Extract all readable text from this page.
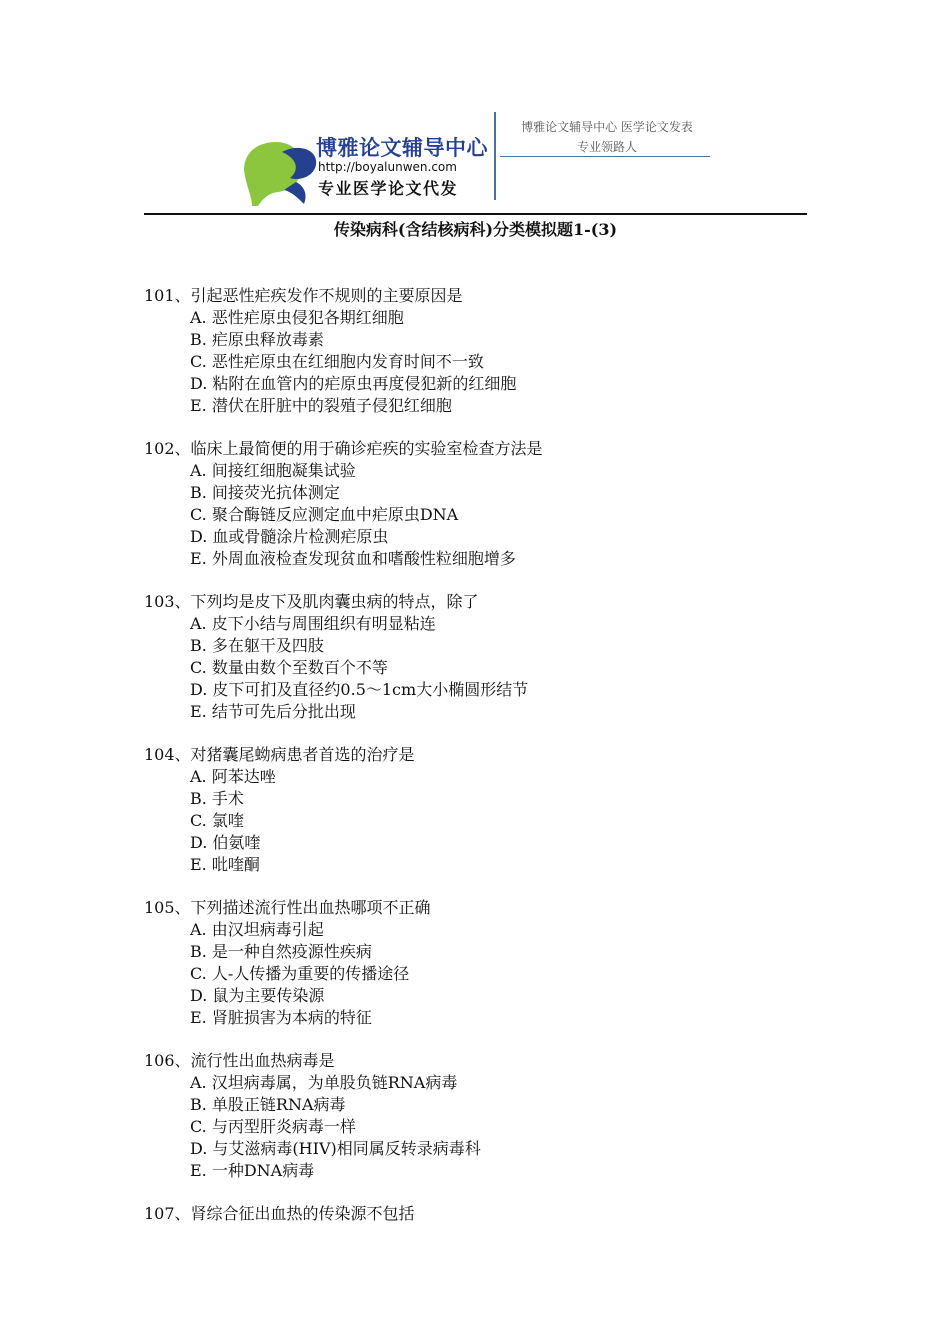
博雅论文辅导中心
http://boyalunwen.com
专业医学论文代发
博雅论文辅导中心 医学论文发表
专业领路人
传染病科(含结核病科)分类模拟题1-(3)
101、引起恶性疟疾发作不规则的主要原因是
A. 恶性疟原虫侵犯各期红细胞
B. 疟原虫释放毒素
C. 恶性疟原虫在红细胞内发育时间不一致
D. 粘附在血管内的疟原虫再度侵犯新的红细胞
E. 潜伏在肝脏中的裂殖子侵犯红细胞
102、临床上最简便的用于确诊疟疾的实验室检查方法是
A. 间接红细胞凝集试验
B. 间接荧光抗体测定
C. 聚合酶链反应测定血中疟原虫DNA
D. 血或骨髓涂片检测疟原虫
E. 外周血液检查发现贫血和嗜酸性粒细胞增多
103、下列均是皮下及肌肉囊虫病的特点，除了
A. 皮下小结与周围组织有明显粘连
B. 多在躯干及四肢
C. 数量由数个至数百个不等
D. 皮下可扪及直径约0.5～1cm大小椭圆形结节
E. 结节可先后分批出现
104、对猪囊尾蚴病患者首选的治疗是
A. 阿苯达唑
B. 手术
C. 氯喹
D. 伯氨喹
E. 吡喹酮
105、下列描述流行性出血热哪项不正确
A. 由汉坦病毒引起
B. 是一种自然疫源性疾病
C. 人-人传播为重要的传播途径
D. 鼠为主要传染源
E. 肾脏损害为本病的特征
106、流行性出血热病毒是
A. 汉坦病毒属，为单股负链RNA病毒
B. 单股正链RNA病毒
C. 与丙型肝炎病毒一样
D. 与艾滋病毒(HIV)相同属反转录病毒科
E. 一种DNA病毒
107、肾综合征出血热的传染源不包括
